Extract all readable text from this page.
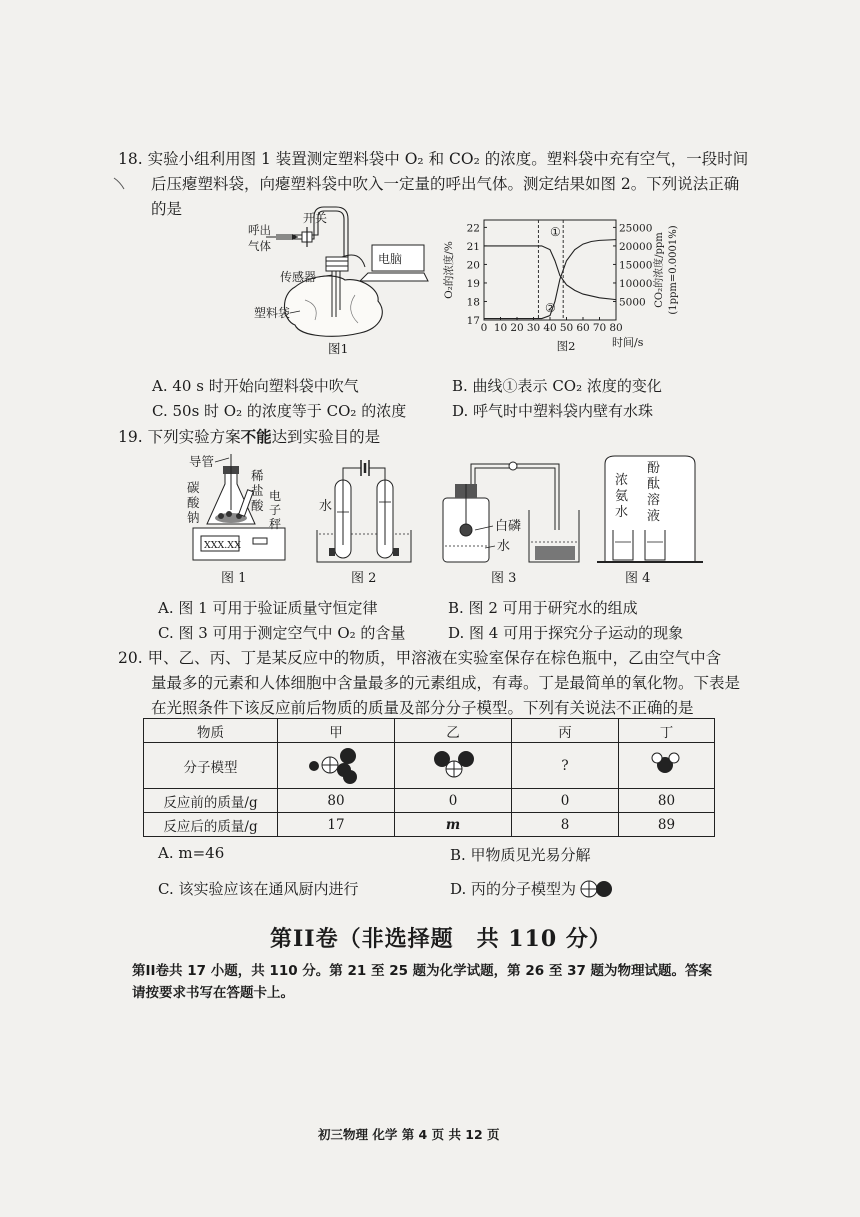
18. 实验小组利用图 1 装置测定塑料袋中 O₂ 和 CO₂ 的浓度。塑料袋中充有空气，一段时间
后压瘪塑料袋，向瘪塑料袋中吹入一定量的呼出气体。测定结果如图 2。下列说法正确
的是	开关
呼出
气体
电脑
传感器
塑料袋
图1
0 10 20 30 40 50 60 70 80
17
18
19
20
21
22
5000
10000
15000
20000
25000
①
②
O₂的浓度/%	CO₂的浓度/ppm (1ppm=0.0001%)
图2	时间/s
A. 40 s 时开始向塑料袋中吹气	B. 曲线①表示 CO₂ 浓度的变化
C. 50s 时 O₂ 的浓度等于 CO₂ 的浓度	D. 呼气时中塑料袋内壁有水珠
19. 下列实验方案不能达到实验目的是
XXX.XX
导管
碳
酸
钠
稀
盐
酸
电
子
秤
图 1
水
图 2
白磷
水
图 3
浓
氨
水
酚
酞
溶
液
图 4
A. 图 1 可用于验证质量守恒定律	B. 图 2 可用于研究水的组成
C. 图 3 可用于测定空气中 O₂ 的含量	D. 图 4 可用于探究分子运动的现象
20. 甲、乙、丙、丁是某反应中的物质，甲溶液在实验室保存在棕色瓶中，乙由空气中含
量最多的元素和人体细胞中含量最多的元素组成，有毒。丁是最简单的氧化物。下表是
在光照条件下该反应前后物质的质量及部分分子模型。下列有关说法不正确的是
物质	甲	乙	丙	丁
分子模型			?	
反应前的质量/g	80	0	0	80
反应后的质量/g	17	m	8	89
A. m=46	B. 甲物质见光易分解
C. 该实验应该在通风厨内进行	D. 丙的分子模型为
第II卷（非选择题　共 110 分）
第II卷共 17 小题，共 110 分。第 21 至 25 题为化学试题，第 26 至 37 题为物理试题。答案
请按要求书写在答题卡上。
初三物理 化学 第 4 页 共 12 页
